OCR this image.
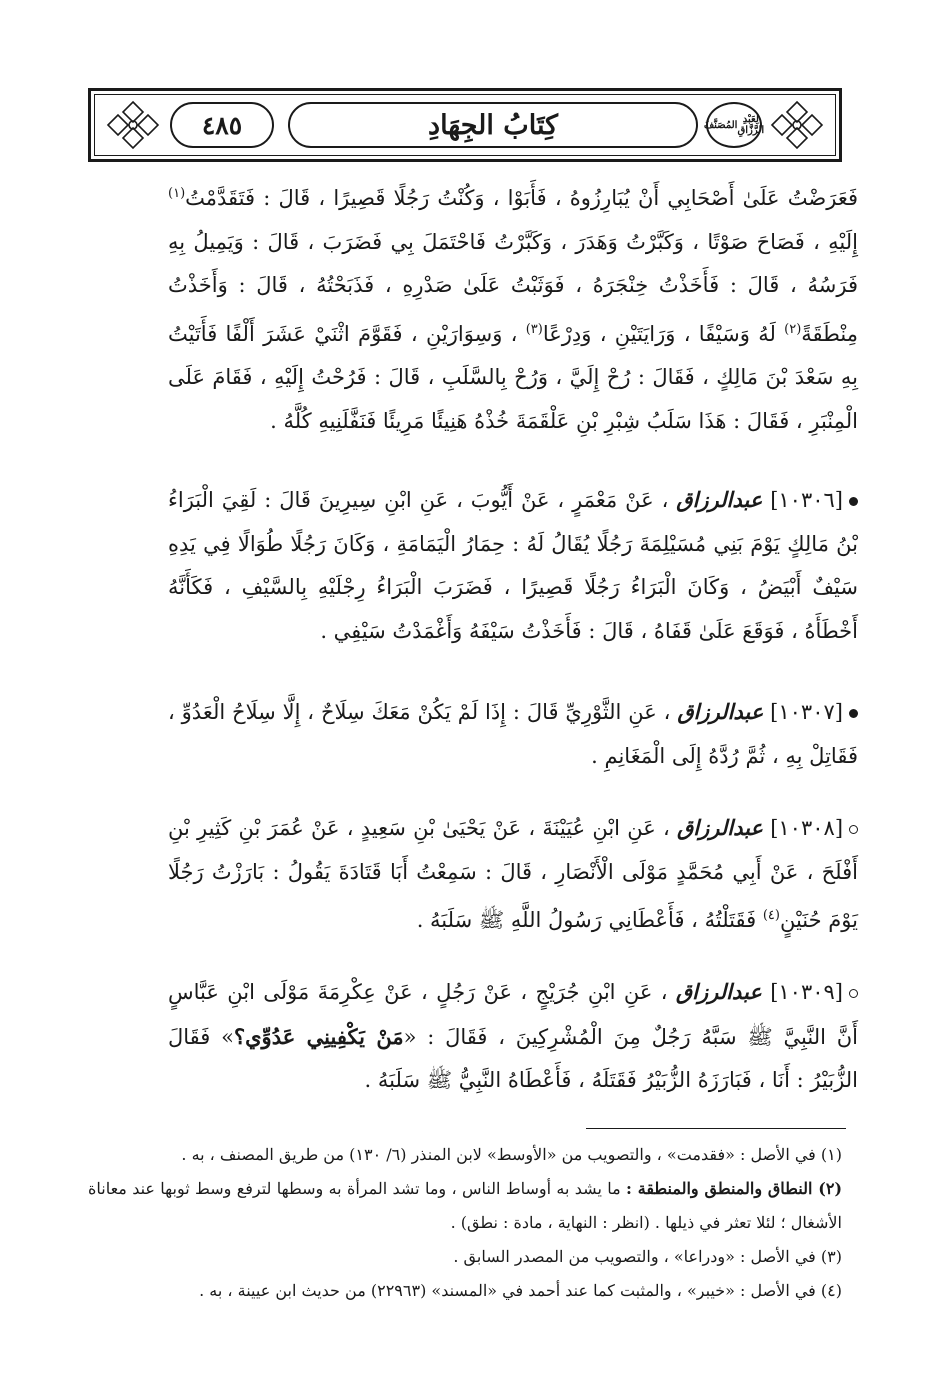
٤٨٥	كِتَابُ الجِهَادِ	المُصَنَّفُ لِعَبْدِ الرَّزَّاقِ

فَعَرَضْتُ عَلَىٰ أَصْحَابِي أَنْ يُبَارِزُوهُ ، فَأَبَوْا ، وَكُنْتُ رَجُلًا قَصِيرًا ، قَالَ : فَتَقَدَّمْتُ$^{(١)}$ إِلَيْهِ ، فَصَاحَ صَوْتًا ، وَكَبَّرْتُ وَهَدَرَ ، وَكَبَّرْتُ فَاحْتَمَلَ بِي فَضَرَبَ ، قَالَ : وَيَمِيلُ بِهِ فَرَسُهُ ، قَالَ : فَأَخَذْتُ خِنْجَرَهُ ، فَوَثَبْتُ عَلَىٰ صَدْرِهِ ، فَذَبَحْتُهُ ، قَالَ : وَأَخَذْتُ مِنْطَقَةً$^{(٢)}$ لَهُ وَسَيْفًا ، وَرَايَتَيْنِ ، وَدِرْعًا$^{(٣)}$ ، وَسِوَارَيْنِ ، فَقَوَّمَ اثْنَيْ عَشَرَ أَلْفًا فَأَتَيْتُ بِهِ سَعْدَ بْنَ مَالِكٍ ، فَقَالَ : رُحْ إِلَيَّ ، وَرُحْ بِالسَّلَبِ ، قَالَ : فَرُحْتُ إِلَيْهِ ، فَقَامَ عَلَى الْمِنْبَرِ ، فَقَالَ : هَذَا سَلَبُ شِبْرِ بْنِ عَلْقَمَةَ خُذْهُ هَنِيئًا مَرِيئًا فَنَفَّلَنِيهِ كُلَّهُ .

[١٠٣٠٦] عبدالرزاق ، عَنْ مَعْمَرٍ ، عَنْ أَيُّوبَ ، عَنِ ابْنِ سِيرِينَ قَالَ : لَقِيَ الْبَرَاءُ بْنُ مَالِكٍ يَوْمَ بَنِي مُسَيْلِمَةَ رَجُلًا يُقَالُ لَهُ : حِمَارُ الْيَمَامَةِ ، وَكَانَ رَجُلًا طُوَالًا فِي يَدِهِ سَيْفٌ أَبْيَضُ ، وَكَانَ الْبَرَاءُ رَجُلًا قَصِيرًا ، فَضَرَبَ الْبَرَاءُ رِجْلَيْهِ بِالسَّيْفِ ، فَكَأَنَّهُ أَخْطَأَهُ ، فَوَقَعَ عَلَىٰ قَفَاهُ ، قَالَ : فَأَخَذْتُ سَيْفَهُ وَأَغْمَدْتُ سَيْفِي .

[١٠٣٠٧] عبدالرزاق ، عَنِ الثَّوْرِيِّ قَالَ : إِذَا لَمْ يَكُنْ مَعَكَ سِلَاحٌ ، إِلَّا سِلَاحُ الْعَدُوِّ ، فَقَاتِلْ بِهِ ، ثُمَّ رُدَّهُ إِلَى الْمَغَانِمِ .

[١٠٣٠٨] عبدالرزاق ، عَنِ ابْنِ عُيَيْنَةَ ، عَنْ يَحْيَىٰ بْنِ سَعِيدٍ ، عَنْ عُمَرَ بْنِ كَثِيرِ بْنِ أَفْلَحَ ، عَنْ أَبِي مُحَمَّدٍ مَوْلَى الْأَنْصَارِ ، قَالَ : سَمِعْتُ أَبَا قَتَادَةَ يَقُولُ : بَارَزْتُ رَجُلًا يَوْمَ حُنَيْنٍ$^{(٤)}$ فَقَتَلْتُهُ ، فَأَعْطَانِي رَسُولُ اللَّهِ ﷺ سَلَبَهُ .

[١٠٣٠٩] عبدالرزاق ، عَنِ ابْنِ جُرَيْجٍ ، عَنْ رَجُلٍ ، عَنْ عِكْرِمَةَ مَوْلَى ابْنِ عَبَّاسٍ أَنَّ النَّبِيَّ ﷺ سَبَّهُ رَجُلٌ مِنَ الْمُشْرِكِينَ ، فَقَالَ : «مَنْ يَكْفِينِي عَدُوِّي؟» فَقَالَ الزُّبَيْرُ : أَنَا ، فَبَارَزَهُ الزُّبَيْرُ فَقَتَلَهُ ، فَأَعْطَاهُ النَّبِيُّ ﷺ سَلَبَهُ .

(١) في الأصل : «فقدمت» ، والتصويب من «الأوسط» لابن المنذر (٦/ ١٣٠) من طريق المصنف ، به .

(٢) النطاق والمنطق والمنطقة : ما يشد به أوساط الناس ، وما تشد المرأة به وسطها لترفع وسط ثوبها عند معاناة الأشغال ؛ لئلا تعثر في ذيلها . (انظر : النهاية ، مادة : نطق) .

(٣) في الأصل : «ودراعا» ، والتصويب من المصدر السابق .

(٤) في الأصل : «خيبر» ، والمثبت كما عند أحمد في «المسند» (٢٢٩٦٣) من حديث ابن عيينة ، به .
